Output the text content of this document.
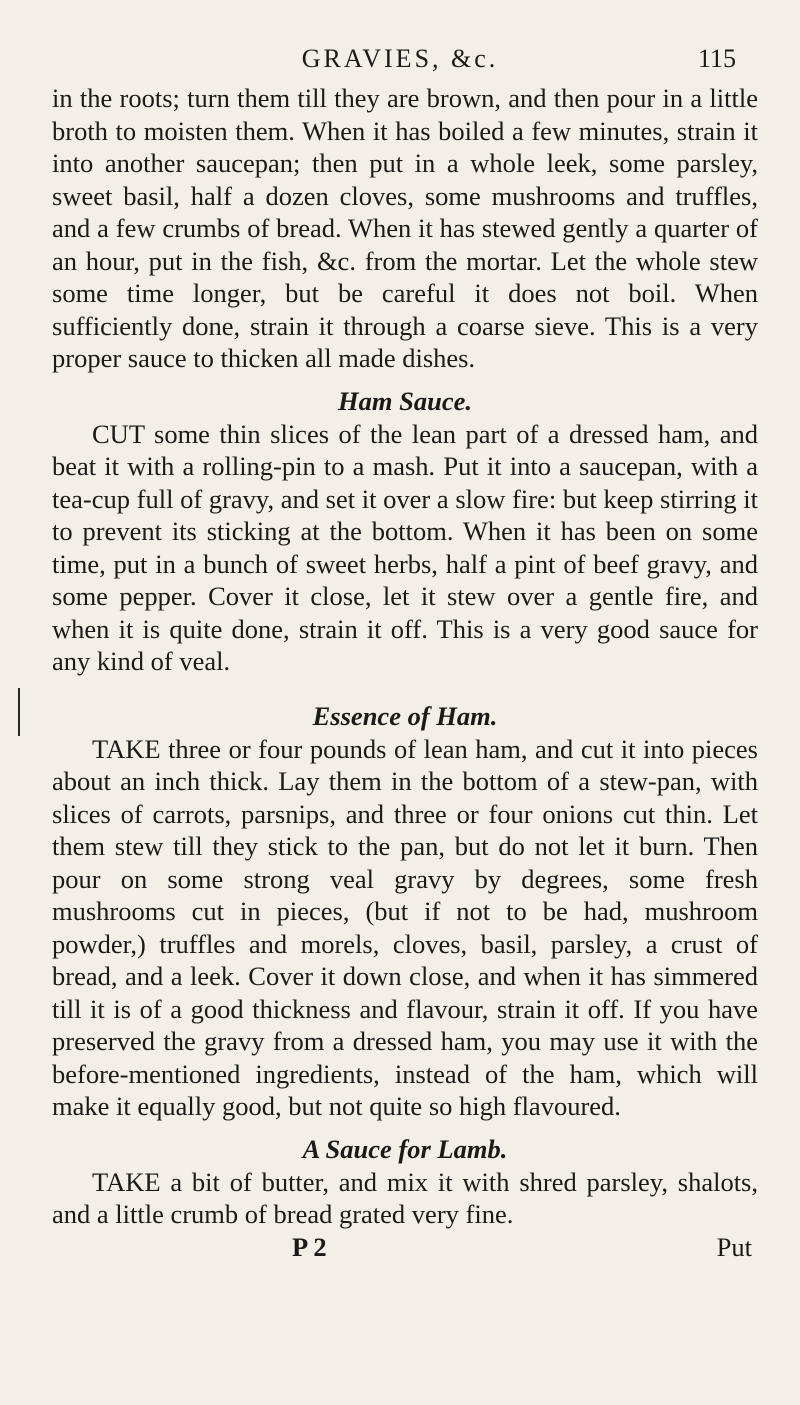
GRAVIES, &c.	115

in the roots; turn them till they are brown, and then pour in a little broth to moisten them. When it has boiled a few minutes, strain it into another saucepan; then put in a whole leek, some parsley, sweet basil, half a dozen cloves, some mushrooms and truffles, and a few crumbs of bread. When it has stewed gently a quarter of an hour, put in the fish, &c. from the mortar. Let the whole stew some time longer, but be careful it does not boil. When sufficiently done, strain it through a coarse sieve. This is a very proper sauce to thicken all made dishes.

Ham Sauce.

CUT some thin slices of the lean part of a dressed ham, and beat it with a rolling-pin to a mash. Put it into a saucepan, with a tea-cup full of gravy, and set it over a slow fire: but keep stirring it to prevent its sticking at the bottom. When it has been on some time, put in a bunch of sweet herbs, half a pint of beef gravy, and some pepper. Cover it close, let it stew over a gentle fire, and when it is quite done, strain it off. This is a very good sauce for any kind of veal.

Essence of Ham.

TAKE three or four pounds of lean ham, and cut it into pieces about an inch thick. Lay them in the bottom of a stew-pan, with slices of carrots, parsnips, and three or four onions cut thin. Let them stew till they stick to the pan, but do not let it burn. Then pour on some strong veal gravy by degrees, some fresh mushrooms cut in pieces, (but if not to be had, mushroom powder,) truffles and morels, cloves, basil, parsley, a crust of bread, and a leek. Cover it down close, and when it has simmered till it is of a good thickness and flavour, strain it off. If you have preserved the gravy from a dressed ham, you may use it with the before-mentioned ingredients, instead of the ham, which will make it equally good, but not quite so high flavoured.

A Sauce for Lamb.

TAKE a bit of butter, and mix it with shred parsley, shalots, and a little crumb of bread grated very fine.

P 2	Put
